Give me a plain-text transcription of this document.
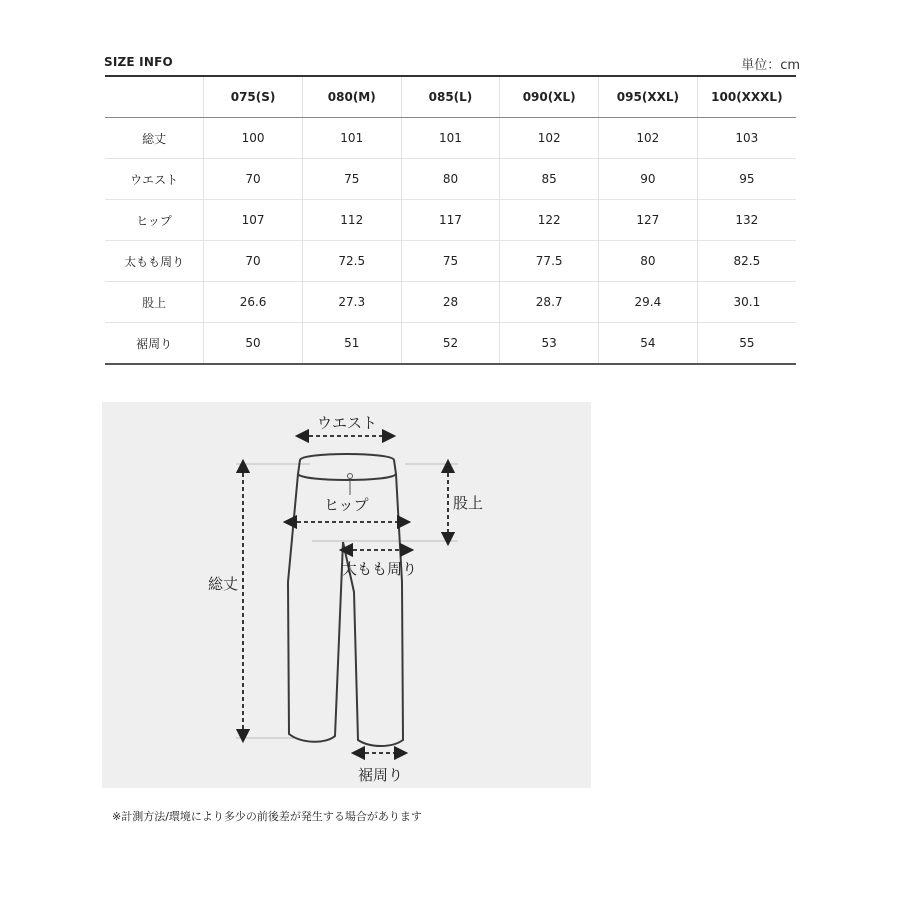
SIZE INFO	単位：cm
	075(S)	080(M)	085(L)	090(XL)	095(XXL)	100(XXXL)
総丈	100	101	101	102	102	103
ウエスト	70	75	80	85	90	95
ヒップ	107	112	117	122	127	132
太もも周り	70	72.5	75	77.5	80	82.5
股上	26.6	27.3	28	28.7	29.4	30.1
裾周り	50	51	52	53	54	55
ウエスト
ヒップ	股上
太もも周り
総丈
裾周り
※計測方法/環境により多少の前後差が発生する場合があります
